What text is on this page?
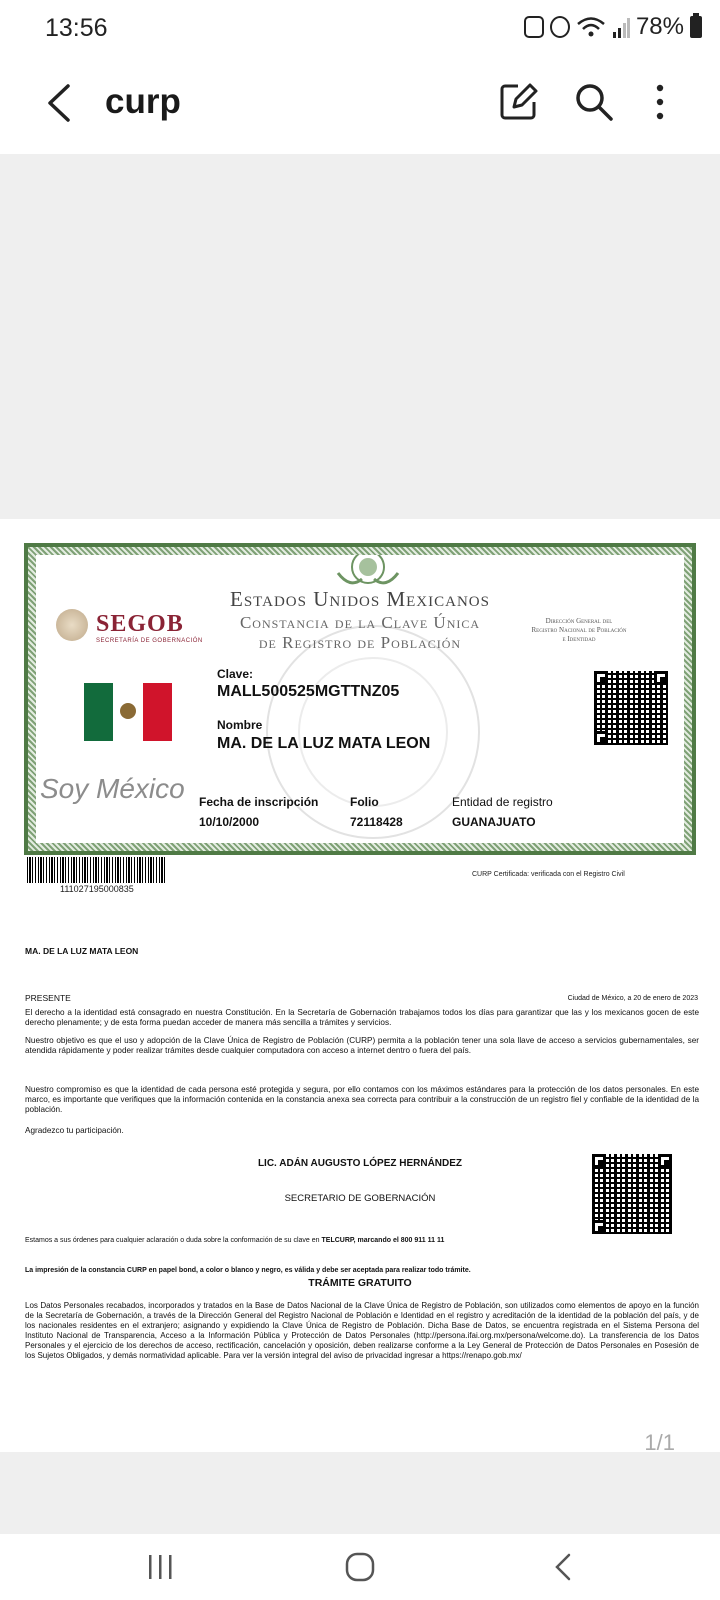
13:56	78%
curp
Estados Unidos Mexicanos
Constancia de la Clave Única
de Registro de Población
SEGOB
SECRETARÍA DE GOBERNACIÓN
Dirección General del
Registro Nacional de Población
e Identidad
Clave:
MALL500525MGTTNZ05
Nombre
MA. DE LA LUZ MATA LEON
Soy México Fecha de inscripción
10/10/2000
Folio
72118428
Entidad de registro
GUANAJUATO
111027195000835
CURP Certificada: verificada con el Registro Civil
MA. DE LA LUZ MATA LEON
PRESENTE	Ciudad de México, a 20 de enero de 2023
El derecho a la identidad está consagrado en nuestra Constitución. En la Secretaría de Gobernación trabajamos todos los días para garantizar que las y los mexicanos gocen de este derecho plenamente; y de esta forma puedan acceder de manera más sencilla a trámites y servicios.
Nuestro objetivo es que el uso y adopción de la Clave Única de Registro de Población (CURP) permita a la población tener una sola llave de acceso a servicios gubernamentales, ser atendida rápidamente y poder realizar trámites desde cualquier computadora con acceso a internet dentro o fuera del país.
Nuestro compromiso es que la identidad de cada persona esté protegida y segura, por ello contamos con los máximos estándares para la protección de los datos personales. En este marco, es importante que verifiques que la información contenida en la constancia anexa sea correcta para contribuir a la construcción de un registro fiel y confiable de la identidad de la población.
Agradezco tu participación.
LIC. ADÁN AUGUSTO LÓPEZ HERNÁNDEZ
SECRETARIO DE GOBERNACIÓN
Estamos a sus órdenes para cualquier aclaración o duda sobre la conformación de su clave en TELCURP, marcando el 800 911 11 11
La impresión de la constancia CURP en papel bond, a color o blanco y negro, es válida y debe ser aceptada para realizar todo trámite.
TRÁMITE GRATUITO
Los Datos Personales recabados, incorporados y tratados en la Base de Datos Nacional de la Clave Única de Registro de Población, son utilizados como elementos de apoyo en la función de la Secretaría de Gobernación, a través de la Dirección General del Registro Nacional de Población e Identidad en el registro y acreditación de la identidad de la población del país, y de los nacionales residentes en el extranjero; asignando y expidiendo la Clave Única de Registro de Población. Dicha Base de Datos, se encuentra registrada en el Sistema Persona del Instituto Nacional de Transparencia, Acceso a la Información Pública y Protección de Datos Personales (http://persona.ifai.org.mx/persona/welcome.do). La transferencia de los Datos Personales y el ejercicio de los derechos de acceso, rectificación, cancelación y oposición, deben realizarse conforme a la Ley General de Protección de Datos Personales en Posesión de los Sujetos Obligados, y demás normatividad aplicable. Para ver la versión integral del aviso de privacidad ingresar a https://renapo.gob.mx/
1/1
